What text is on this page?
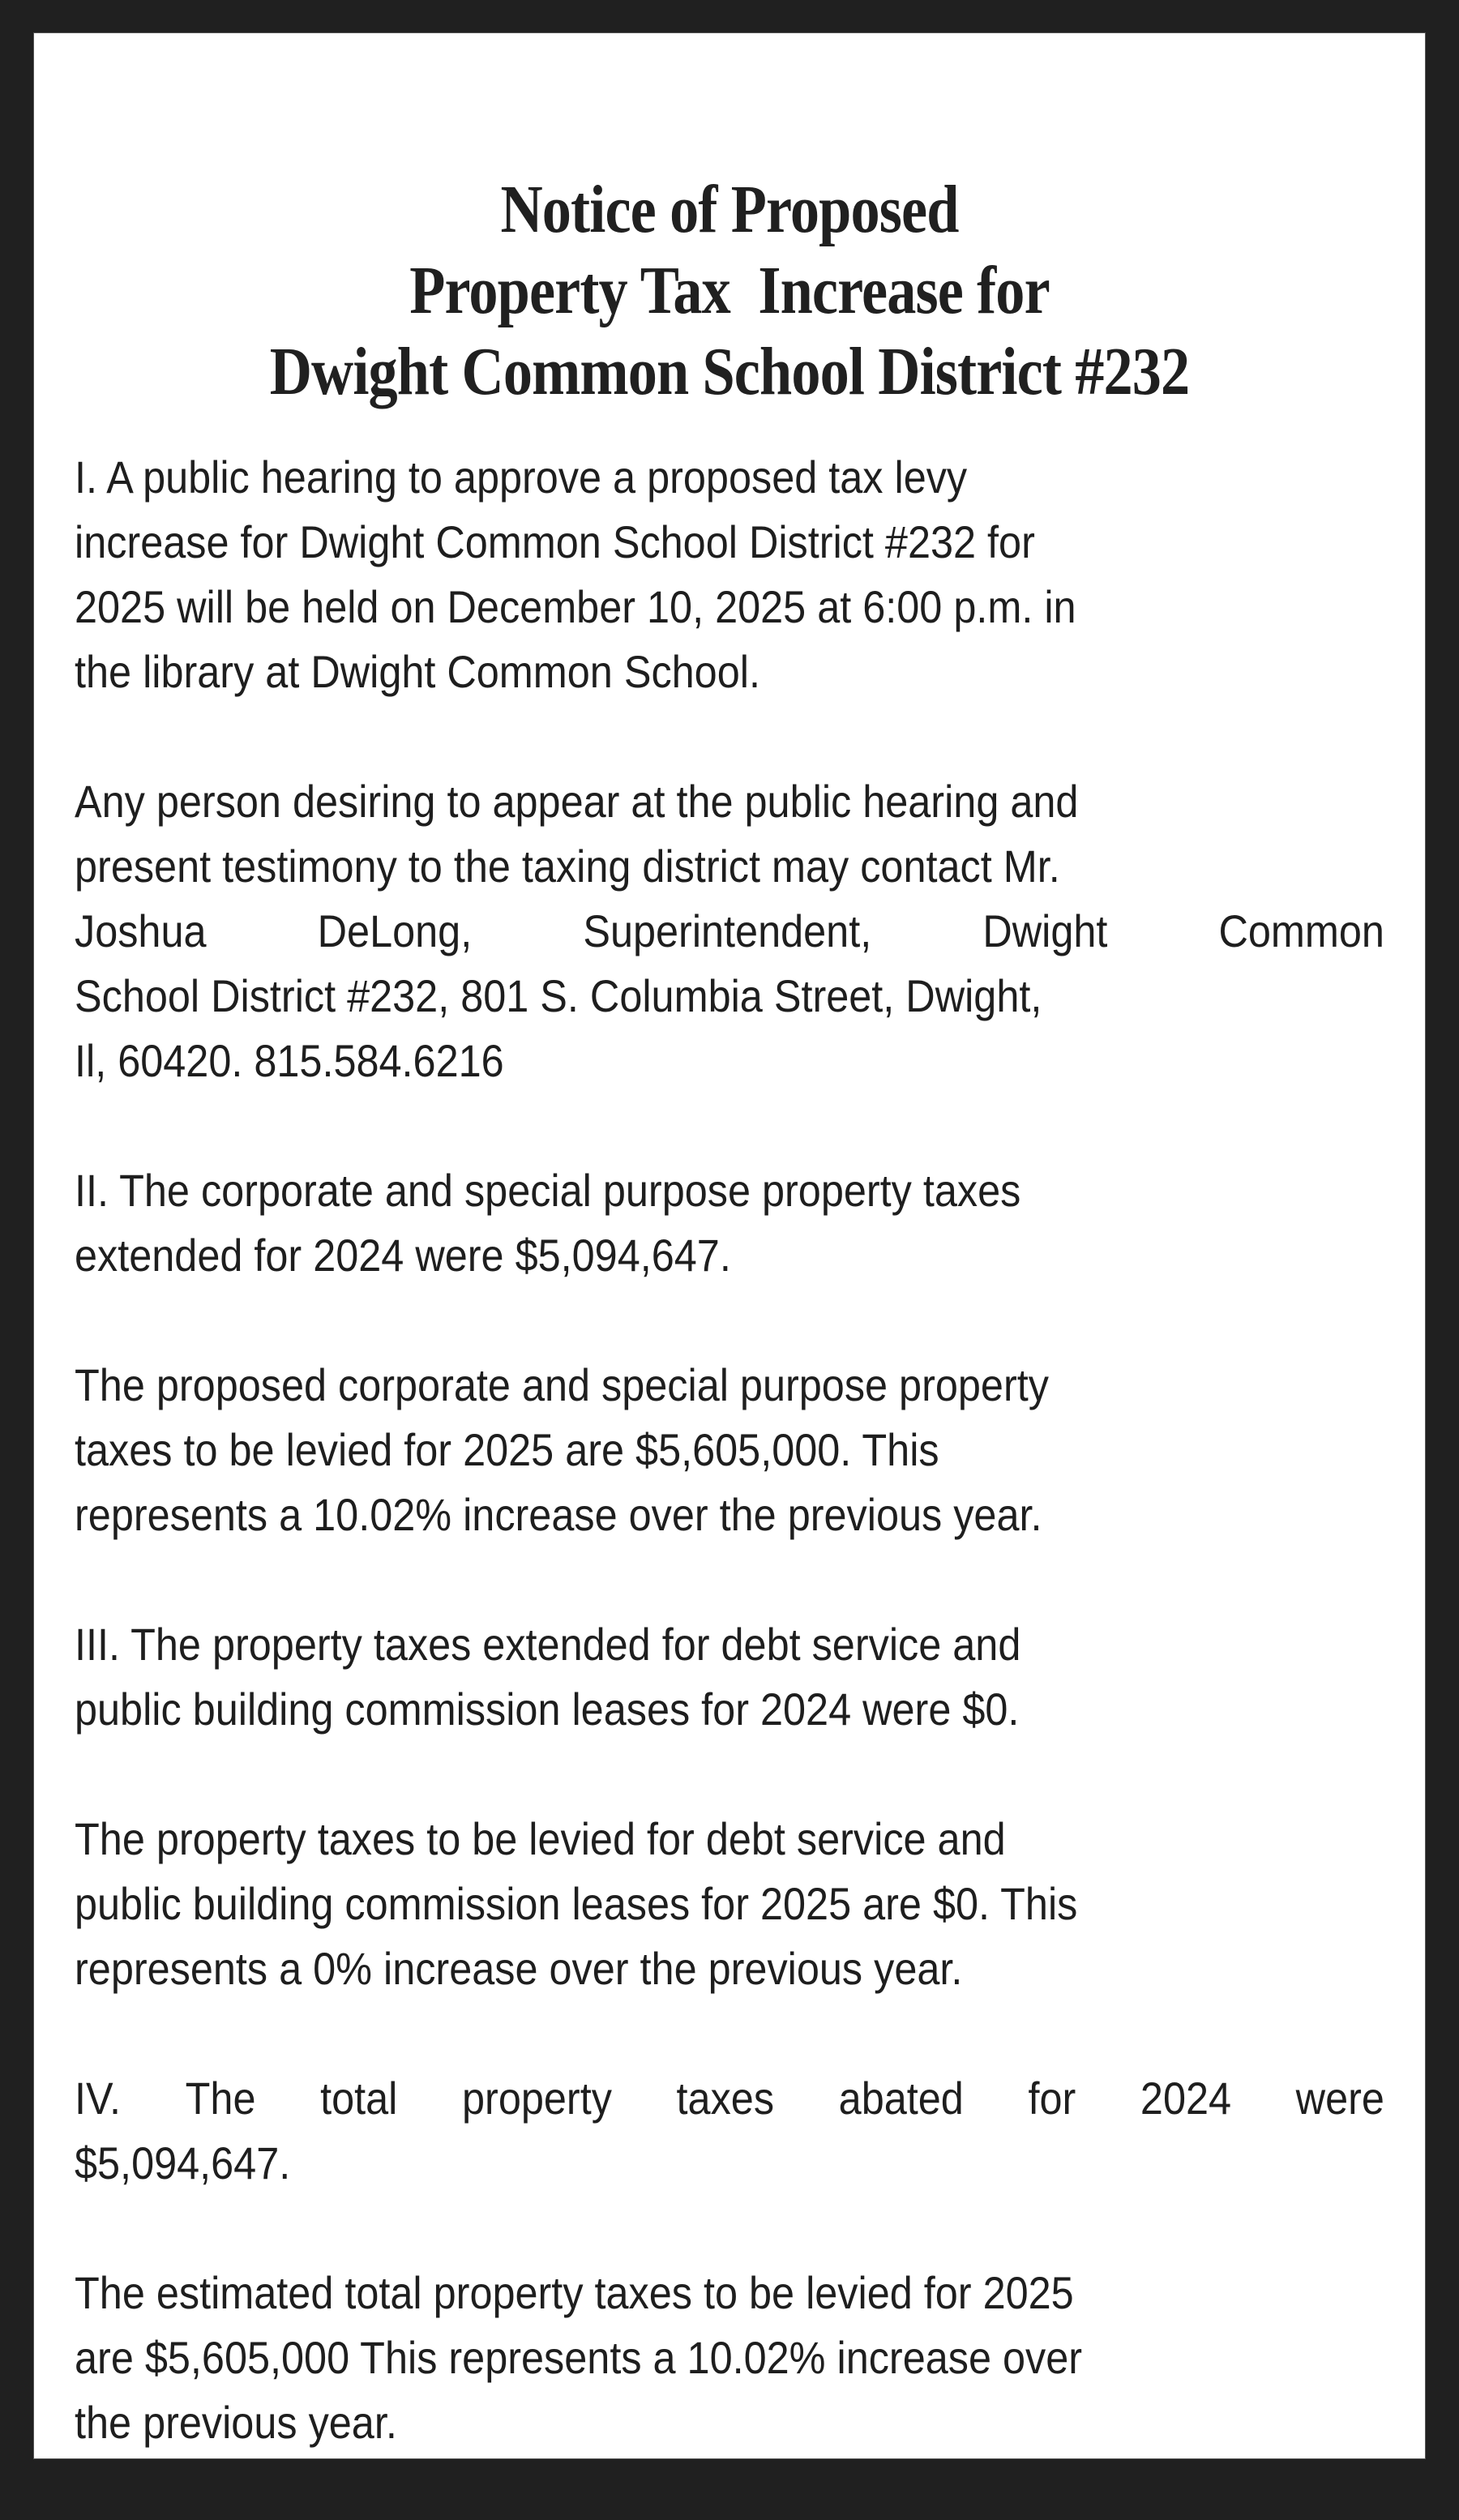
Notice of Proposed
Property Tax  Increase for
Dwight Common School District #232

I. A public hearing to approve a proposed tax levy
increase for Dwight Common School District #232 for
2025 will be held on December 10, 2025 at 6:00 p.m. in
the library at Dwight Common School.

Any person desiring to appear at the public hearing and
present testimony to the taxing district may contact Mr.
Joshua DeLong, Superintendent, Dwight Common
School District #232, 801 S. Columbia Street, Dwight,
Il, 60420. 815.584.6216

II. The corporate and special purpose property taxes
extended for 2024 were $5,094,647.

The proposed corporate and special purpose property
taxes to be levied for 2025 are $5,605,000. This
represents a 10.02% increase over the previous year.

III. The property taxes extended for debt service and
public building commission leases for 2024 were $0.

The property taxes to be levied for debt service and
public building commission leases for 2025 are $0. This
represents a 0% increase over the previous year.

IV. The total property taxes abated for 2024 were
$5,094,647.

The estimated total property taxes to be levied for 2025
are $5,605,000 This represents a 10.02% increase over
the previous year.
